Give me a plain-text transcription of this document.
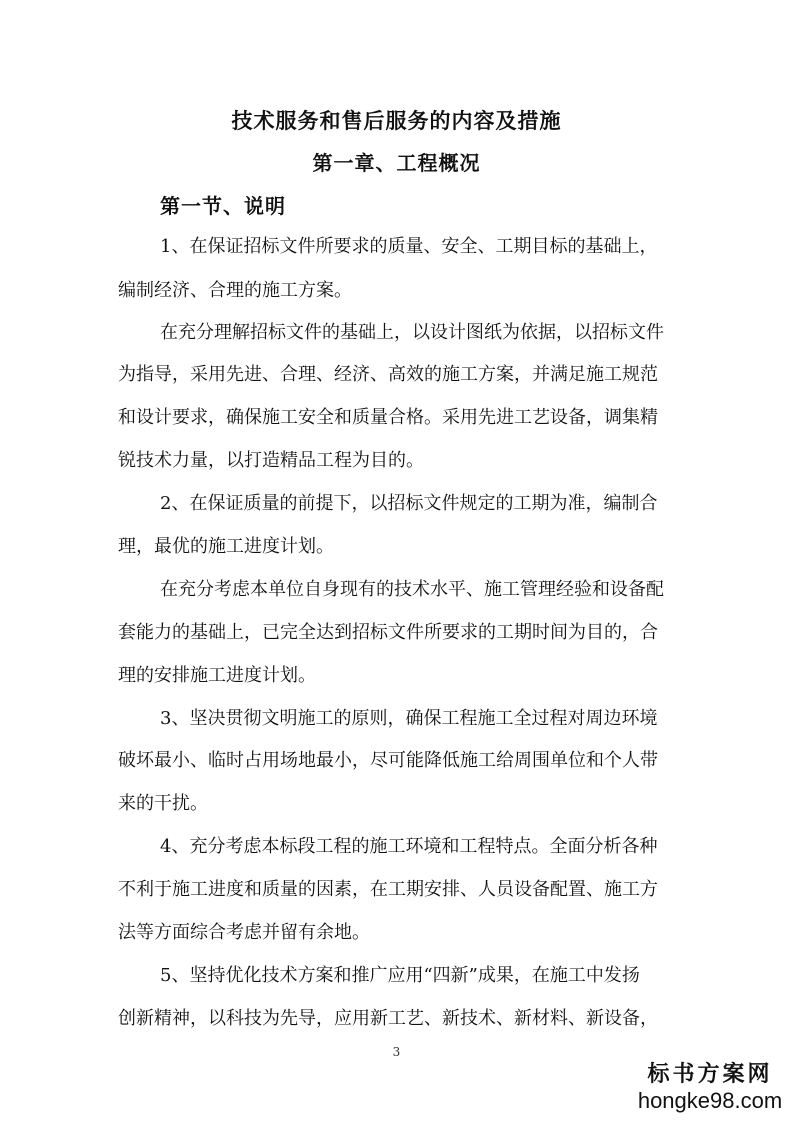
技术服务和售后服务的内容及措施
第一章、工程概况
第一节、说明
1、在保证招标文件所要求的质量、安全、工期目标的基础上，
编制经济、合理的施工方案。
在充分理解招标文件的基础上，以设计图纸为依据，以招标文件
为指导，采用先进、合理、经济、高效的施工方案，并满足施工规范
和设计要求，确保施工安全和质量合格。采用先进工艺设备，调集精
锐技术力量，以打造精品工程为目的。
2、在保证质量的前提下，以招标文件规定的工期为准，编制合
理，最优的施工进度计划。
在充分考虑本单位自身现有的技术水平、施工管理经验和设备配
套能力的基础上，已完全达到招标文件所要求的工期时间为目的，合
理的安排施工进度计划。
3、坚决贯彻文明施工的原则，确保工程施工全过程对周边环境
破坏最小、临时占用场地最小，尽可能降低施工给周围单位和个人带
来的干扰。
4、充分考虑本标段工程的施工环境和工程特点。全面分析各种
不利于施工进度和质量的因素，在工期安排、人员设备配置、施工方
法等方面综合考虑并留有余地。
5、坚持优化技术方案和推广应用“四新”成果，在施工中发扬
创新精神，以科技为先导，应用新工艺、新技术、新材料、新设备，
3
标书方案网
hongke98.com
